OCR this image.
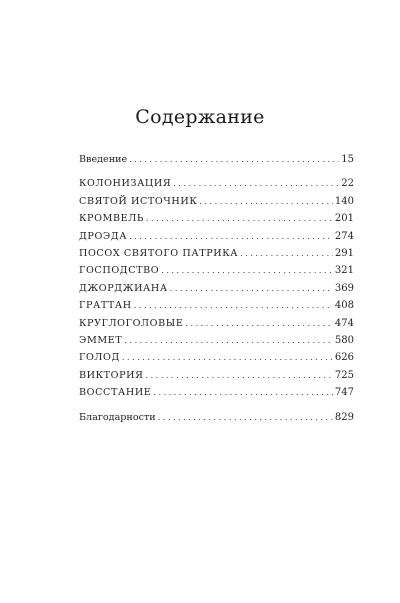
Содержание
Введение . . .	15
КОЛОНИЗАЦИЯ . . .	22
СВЯТОЙ ИСТОЧНИК . . .	140
КРОМВЕЛЬ . . .	201
ДРОЭДА . . .	274
ПОСОХ СВЯТОГО ПАТРИКА . . .	291
ГОСПОДСТВО . . .	321
ДЖОРДЖИАНА . . .	369
ГРАТТАН . . .	408
КРУГЛОГОЛОВЫЕ . . .	474
ЭММЕТ . . .	580
ГОЛОД . . .	626
ВИКТОРИЯ . . .	725
ВОССТАНИЕ . . .	747
Благодарности . . .	829
